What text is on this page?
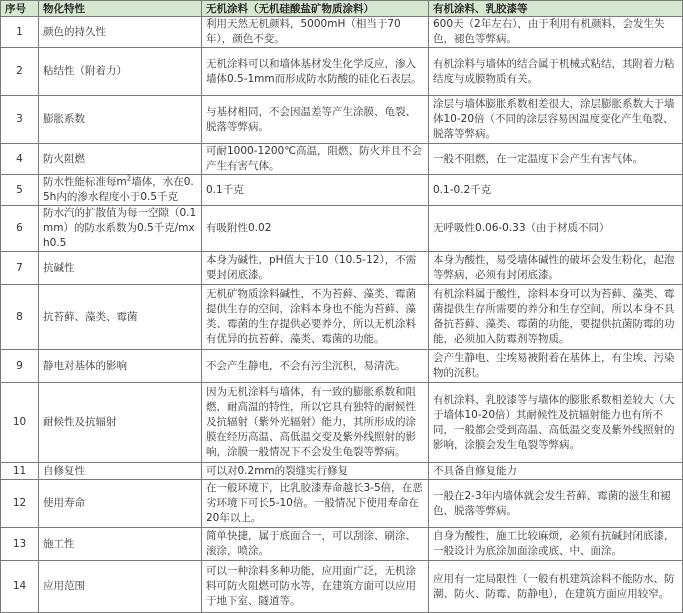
序号	物化特性	无机涂料（无机硅酸盐矿物质涂料）	有机涂料、乳胶漆等
1	颜色的持久性	利用天然无机颜料，5000mH（相当于70年），颜色不变。	600天（2年左右），由于利用有机颜料，会发生失色，褪色等弊病。
2	粘结性（附着力）	无机涂料可以和墙体基材发生化学反应，渗入墙体0.5-1mm而形成防水防酸的硅化石表层。	有机涂料与墙体的结合属于机械式粘结，其附着力粘结度与成膜物质有关。
3	膨胀系数	与基材相同，不会因温差等产生涂膜、龟裂、脱落等弊病。	涂层与墙体膨胀系数相差很大，涂层膨胀系数大于墙体10-20倍（不同的涂层容易因温度变化产生龟裂、脱落等弊病。
4	防火阻燃	可耐1000-1200℃高温，阻燃、防火并且不会产生有害气体。	一般不阻燃，在一定温度下会产生有害气体。
5	防水性能标准每$m^2$墙体，水在0.5h内的渗水程度小于0.5千克	0.1千克	0.1-0.2千克
6	防水汽的扩散值为每一空隙（0.1mm）的防水系数为0.5千克/mxh0.5	有吸附性0.02	无呼吸性0.06-0.33（由于材质不同）
7	抗碱性	本身为碱性，pH值大于10（10.5-12），不需要封闭底漆。	本身为酸性，易受墙体碱性的破坏会发生粉化，起泡等弊病，必须有封闭底漆。
8	抗苔藓、藻类、霉菌	无机矿物质涂料碱性，不为苔藓、藻类、霉菌提供生存的空间，涂料本身也不能为苔藓、藻类、霉菌的生存提供必要养分，所以无机涂料有优异的抗苔藓、藻类、霉菌的功能。	有机涂料属于酸性，涂料本身可以为苔藓、藻类、霉菌提供生存所需要的养分和生存空间，所以本身不具备抗苔藓、藻类、霉菌的功能，要提供抗菌防霉的功能，必须加入防霉剂等物质。
9	静电对基体的影响	不会产生静电，不会有污尘沉积，易清洗。	会产生静电、尘埃易被附着在基体上，有尘埃、污染物的沉积。
10	耐候性及抗辐射	因为无机涂料与墙体，有一致的膨胀系数和阻燃，耐高温的特性，所以它具有独特的耐候性及抗辐射（紫外光辐射）能力，其所形成的涂膜在经历高温、高低温交变及紫外线照射的影响，涂膜一般情况下不会发生龟裂等弊病。	有机涂料、乳胶漆等与墙体的膨胀系数相差较大（大于墙体10-20倍）其耐候性及抗辐射能力也有所不同，一般都会受到高温、高低温交变及紫外线照射的影响，涂膜会发生龟裂等弊病。
11	自修复性	可以对0.2mm的裂缝实行修复	不具备自修复能力
12	使用寿命	在一般环境下，比乳胶漆寿命越长3-5倍，在恶劣环境下可长5-10倍。一般情况下使用寿命在20年以上。	一般在2-3年内墙体就会发生苔藓、霉菌的滋生和褪色、脱落等弊病。
13	施工性	简单快捷，属于底面合一，可以刮涂、刷涂、滚涂，喷涂。	自身为酸性，施工比较麻烦，必须有抗碱封闭底漆，一般设计为底涂加面涂或底、中、面涂。
14	应用范围	可以一种涂料多种功能，应用面广泛，无机涂料可防火阻燃可防水等，在建筑方面可以应用于地下室、隧道等。	应用有一定局限性（一般有机建筑涂料不能防水、防潮、防火、防霉、防静电），在建筑方面应用较窄。
